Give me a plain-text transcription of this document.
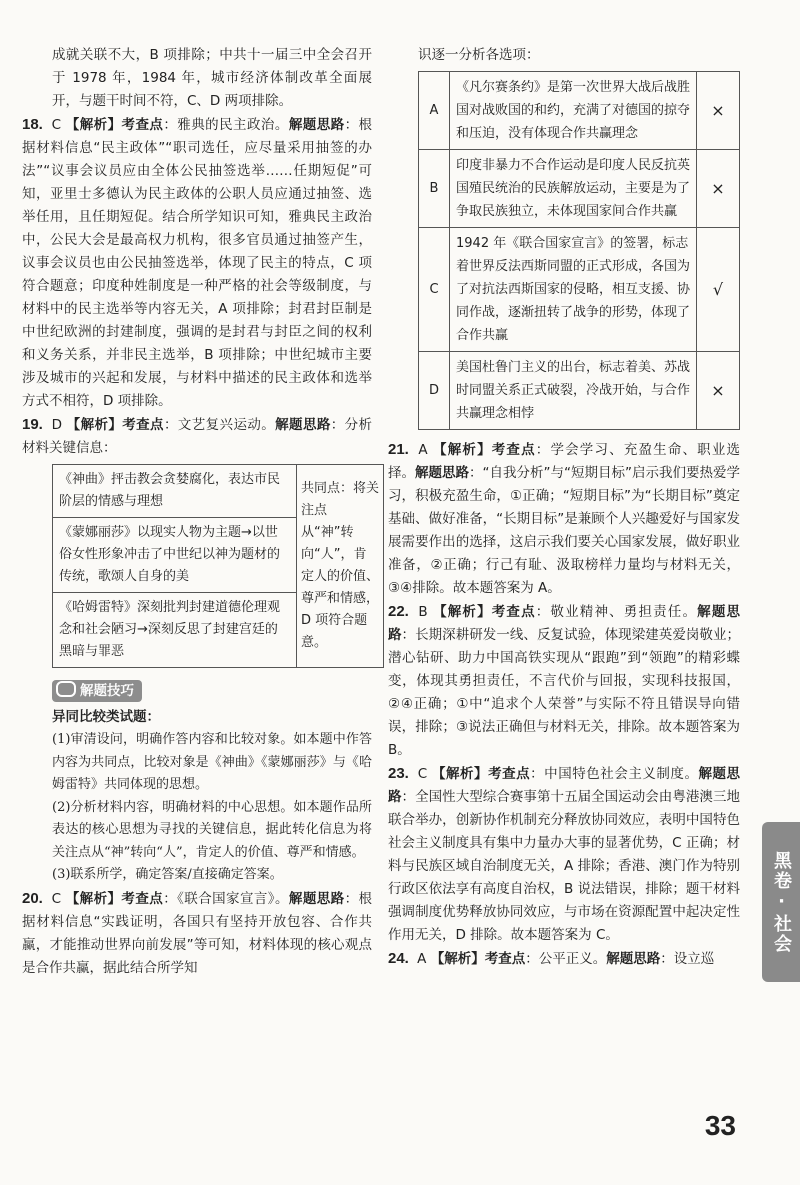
成就关联不大，B 项排除；中共十一届三中全会召开于 1978 年，1984 年，城市经济体制改革全面展开，与题干时间不符，C、D 两项排除。

18. C 【解析】考查点：雅典的民主政治。解题思路：根据材料信息“民主政体”“职司选任，应尽量采用抽签的办法”“议事会议员应由全体公民抽签选举……任期短促”可知，亚里士多德认为民主政体的公职人员应通过抽签、选举任用，且任期短促。结合所学知识可知，雅典民主政治中，公民大会是最高权力机构，很多官员通过抽签产生，议事会议员也由公民抽签选举，体现了民主的特点，C 项符合题意；印度种姓制度是一种严格的社会等级制度，与材料中的民主选举等内容无关，A 项排除；封君封臣制是中世纪欧洲的封建制度，强调的是封君与封臣之间的权利和义务关系，并非民主选举，B 项排除；中世纪城市主要涉及城市的兴起和发展，与材料中描述的民主政体和选举方式不相符，D 项排除。

19. D 【解析】考查点：文艺复兴运动。解题思路：分析材料关键信息：

《神曲》抨击教会贪婪腐化，表达市民阶层的情感与理想	共同点：将关注点从“神”转向“人”，肯定人的价值、尊严和情感，D 项符合题意。
《蒙娜丽莎》以现实人物为主题→以世俗女性形象冲击了中世纪以神为题材的传统，歌颂人自身的美
《哈姆雷特》深刻批判封建道德伦理观念和社会陋习→深刻反思了封建宫廷的黑暗与罪恶
解题技巧
异同比较类试题：

(1)审清设问，明确作答内容和比较对象。如本题中作答内容为共同点，比较对象是《神曲》《蒙娜丽莎》与《哈姆雷特》共同体现的思想。

(2)分析材料内容，明确材料的中心思想。如本题作品所表达的核心思想为寻找的关键信息，据此转化信息为将关注点从“神”转向“人”，肯定人的价值、尊严和情感。

(3)联系所学，确定答案/直接确定答案。

20. C 【解析】考查点：《联合国家宣言》。解题思路：根据材料信息“实践证明，各国只有坚持开放包容、合作共赢，才能推动世界向前发展”等可知，材料体现的核心观点是合作共赢，据此结合所学知

识逐一分析各选项：

A	《凡尔赛条约》是第一次世界大战后战胜国对战败国的和约，充满了对德国的掠夺和压迫，没有体现合作共赢理念	×
B	印度非暴力不合作运动是印度人民反抗英国殖民统治的民族解放运动，主要是为了争取民族独立，未体现国家间合作共赢	×
C	1942 年《联合国家宣言》的签署，标志着世界反法西斯同盟的正式形成，各国为了对抗法西斯国家的侵略，相互支援、协同作战，逐渐扭转了战争的形势，体现了合作共赢	√
D	美国杜鲁门主义的出台，标志着美、苏战时同盟关系正式破裂，冷战开始，与合作共赢理念相悖	×

21. A 【解析】考查点：学会学习、充盈生命、职业选择。解题思路：“自我分析”与“短期目标”启示我们要热爱学习，积极充盈生命，①正确；“短期目标”为“长期目标”奠定基础、做好准备，“长期目标”是兼顾个人兴趣爱好与国家发展需要作出的选择，这启示我们要关心国家发展，做好职业准备，②正确；行己有耻、汲取榜样力量均与材料无关，③④排除。故本题答案为 A。

22. B 【解析】考查点：敬业精神、勇担责任。解题思路：长期深耕研发一线、反复试验，体现梁建英爱岗敬业；潜心钻研、助力中国高铁实现从“跟跑”到“领跑”的精彩蝶变，体现其勇担责任，不言代价与回报，实现科技报国，②④正确；①中“追求个人荣誉”与实际不符且错误导向错误，排除；③说法正确但与材料无关，排除。故本题答案为 B。

23. C 【解析】考查点：中国特色社会主义制度。解题思路：全国性大型综合赛事第十五届全国运动会由粤港澳三地联合举办，创新协作机制充分释放协同效应，表明中国特色社会主义制度具有集中力量办大事的显著优势，C 正确；材料与民族区域自治制度无关，A 排除；香港、澳门作为特别行政区依法享有高度自治权，B 说法错误，排除；题干材料强调制度优势释放协同效应，与市场在资源配置中起决定性作用无关，D 排除。故本题答案为 C。

24. A 【解析】考查点：公平正义。解题思路：设立巡

黑卷·社会
33
